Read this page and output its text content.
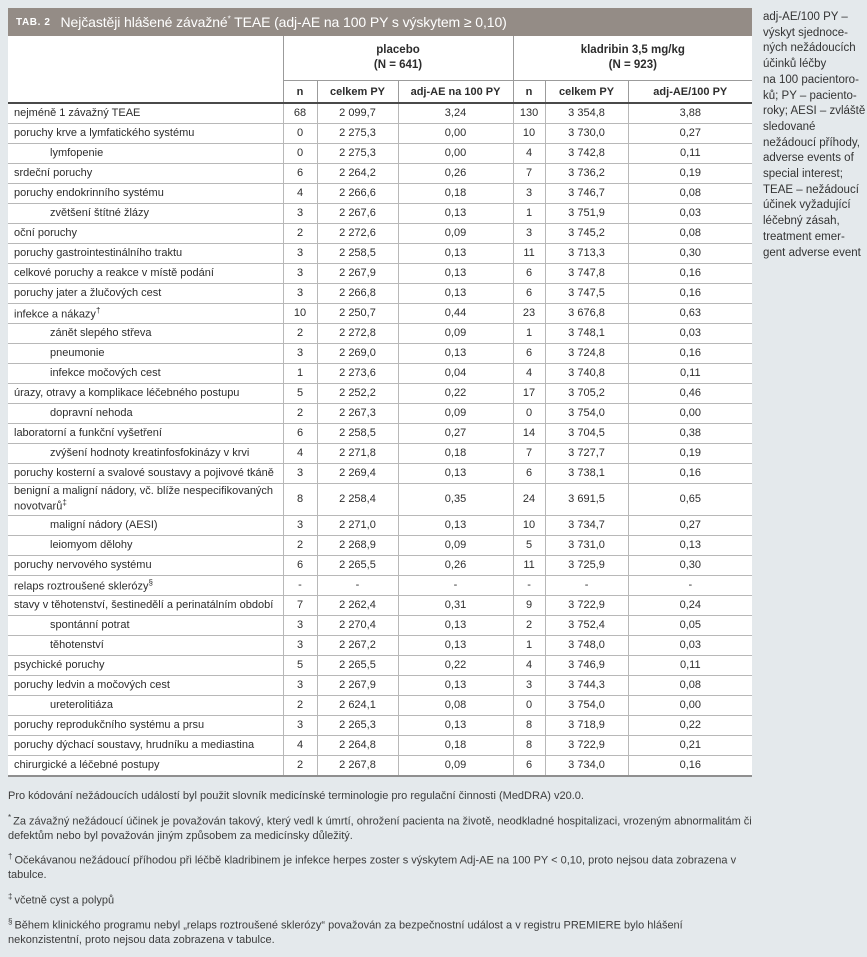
TAB. 2 Nejčastěji hlášené závažné* TEAE (adj-AE na 100 PY s výskytem ≥ 0,10)
	placebo
(N = 641)			kladribin 3,5 mg/kg
(N = 923)		
	n	celkem PY	adj-AE na 100 PY	n	celkem PY	adj-AE/100 PY
nejméně 1 závažný TEAE	68	2 099,7	3,24	130	3 354,8	3,88
poruchy krve a lymfatického systému	0	2 275,3	0,00	10	3 730,0	0,27
lymfopenie	0	2 275,3	0,00	4	3 742,8	0,11
srdeční poruchy	6	2 264,2	0,26	7	3 736,2	0,19
poruchy endokrinního systému	4	2 266,6	0,18	3	3 746,7	0,08
zvětšení štítné žlázy	3	2 267,6	0,13	1	3 751,9	0,03
oční poruchy	2	2 272,6	0,09	3	3 745,2	0,08
poruchy gastrointestinálního traktu	3	2 258,5	0,13	11	3 713,3	0,30
celkové poruchy a reakce v místě podání	3	2 267,9	0,13	6	3 747,8	0,16
poruchy jater a žlučových cest	3	2 266,8	0,13	6	3 747,5	0,16
infekce a nákazy†	10	2 250,7	0,44	23	3 676,8	0,63
zánět slepého střeva	2	2 272,8	0,09	1	3 748,1	0,03
pneumonie	3	2 269,0	0,13	6	3 724,8	0,16
infekce močových cest	1	2 273,6	0,04	4	3 740,8	0,11
úrazy, otravy a komplikace léčebného postupu	5	2 252,2	0,22	17	3 705,2	0,46
dopravní nehoda	2	2 267,3	0,09	0	3 754,0	0,00
laboratorní a funkční vyšetření	6	2 258,5	0,27	14	3 704,5	0,38
zvýšení hodnoty kreatinfosfokinázy v krvi	4	2 271,8	0,18	7	3 727,7	0,19
poruchy kosterní a svalové soustavy a pojivové tkáně	3	2 269,4	0,13	6	3 738,1	0,16
benigní a maligní nádory, vč. blíže nespecifikovaných novotvarů‡	8	2 258,4	0,35	24	3 691,5	0,65
maligní nádory (AESI)	3	2 271,0	0,13	10	3 734,7	0,27
leiomyom dělohy	2	2 268,9	0,09	5	3 731,0	0,13
poruchy nervového systému	6	2 265,5	0,26	11	3 725,9	0,30
relaps roztroušené sklerózy§	-	-	-	-	-	-
stavy v těhotenství, šestinedělí a perinatálním období	7	2 262,4	0,31	9	3 722,9	0,24
spontánní potrat	3	2 270,4	0,13	2	3 752,4	0,05
těhotenství	3	2 267,2	0,13	1	3 748,0	0,03
psychické poruchy	5	2 265,5	0,22	4	3 746,9	0,11
poruchy ledvin a močových cest	3	2 267,9	0,13	3	3 744,3	0,08
ureterolitiáza	2	2 624,1	0,08	0	3 754,0	0,00
poruchy reprodukčního systému a prsu	3	2 265,3	0,13	8	3 718,9	0,22
poruchy dýchací soustavy, hrudníku a mediastina	4	2 264,8	0,18	8	3 722,9	0,21
chirurgické a léčebné postupy	2	2 267,8	0,09	6	3 734,0	0,16
Pro kódování nežádoucích událostí byl použit slovník medicínské terminologie pro regulační činnosti (MedDRA) v20.0.
* Za závažný nežádoucí účinek je považován takový, který vedl k úmrtí, ohrožení pacienta na životě, neodkladné hospitalizaci, vrozeným abnormalitám či defektům nebo byl považován jiným způsobem za medicínsky důležitý.
† Očekávanou nežádoucí příhodou při léčbě kladribinem je infekce herpes zoster s výskytem Adj-AE na 100 PY < 0,10, proto nejsou data zobrazena v tabulce.
‡ včetně cyst a polypů
§ Během klinického programu nebyl „relaps roztroušené sklerózy“ považován za bezpečnostní událost a v registru PREMIERE bylo hlášení nekonzistentní, proto nejsou data zobrazena v tabulce.
adj-AE/100 PY –
výskyt sjednoce-
ných nežádoucích
účinků léčby
na 100 pacientoro-
ků; PY – paciento-
roky; AESI – zvláště
sledované
nežádoucí příhody,
adverse events of
special interest;
TEAE – nežádoucí
účinek vyžadující
léčebný zásah,
treatment emer-
gent adverse event
